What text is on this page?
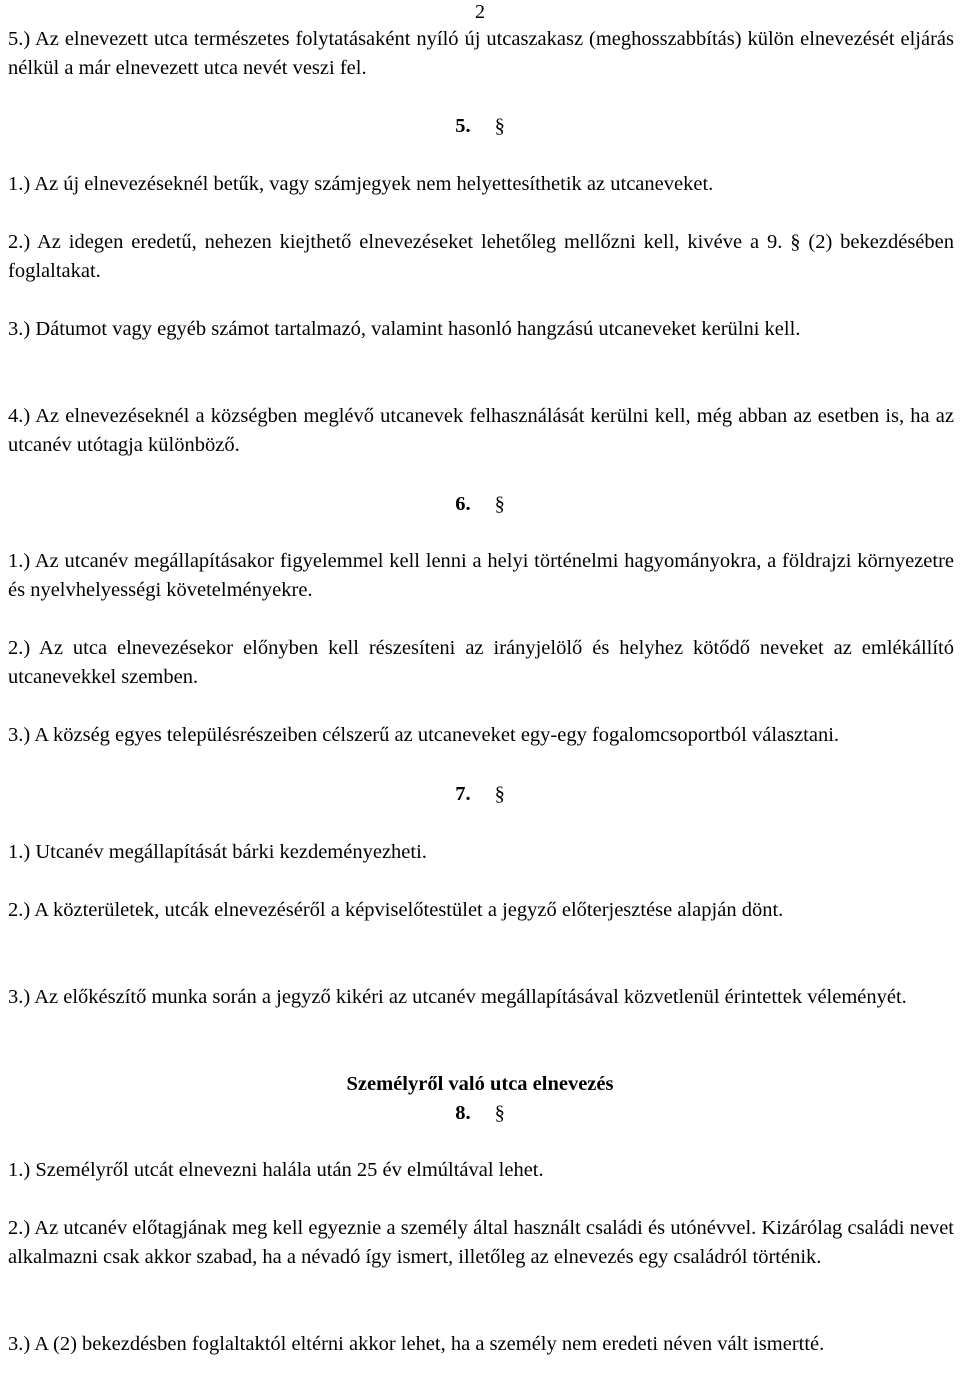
2

5.) Az elnevezett utca természetes folytatásaként nyíló új utcaszakasz (meghosszabbítás) külön elnevezését eljárás nélkül a már elnevezett utca nevét veszi fel.

5. §

1.) Az új elnevezéseknél betűk, vagy számjegyek nem helyettesíthetik az utcaneveket.

2.) Az idegen eredetű, nehezen kiejthető elnevezéseket lehetőleg mellőzni kell, kivéve a 9. § (2) bekezdésében foglaltakat.

3.) Dátumot vagy egyéb számot tartalmazó, valamint hasonló hangzású utcaneveket kerülni kell.

4.) Az elnevezéseknél a községben meglévő utcanevek felhasználását kerülni kell, még abban az esetben is, ha az utcanév utótagja különböző.

6. §

1.) Az utcanév megállapításakor figyelemmel kell lenni a helyi történelmi hagyományokra, a földrajzi környezetre és nyelvhelyességi követelményekre.

2.) Az utca elnevezésekor előnyben kell részesíteni az irányjelölő és helyhez kötődő neveket az emlékállító utcanevekkel szemben.

3.) A község egyes településrészeiben célszerű az utcaneveket egy-egy fogalomcsoportból választani.

7. §

1.) Utcanév megállapítását bárki kezdeményezheti.

2.) A közterületek, utcák elnevezéséről a képviselőtestület a jegyző előterjesztése alapján dönt.

3.) Az előkészítő munka során a jegyző kikéri az utcanév megállapításával közvetlenül érintettek véleményét.

Személyről való utca elnevezés
8. §

1.) Személyről utcát elnevezni halála után 25 év elmúltával lehet.

2.) Az utcanév előtagjának meg kell egyeznie a személy által használt családi és utónévvel. Kizárólag családi nevet alkalmazni csak akkor szabad, ha a névadó így ismert, illetőleg az elnevezés egy családról történik.

3.) A (2) bekezdésben foglaltaktól eltérni akkor lehet, ha a személy nem eredeti néven vált ismertté.
